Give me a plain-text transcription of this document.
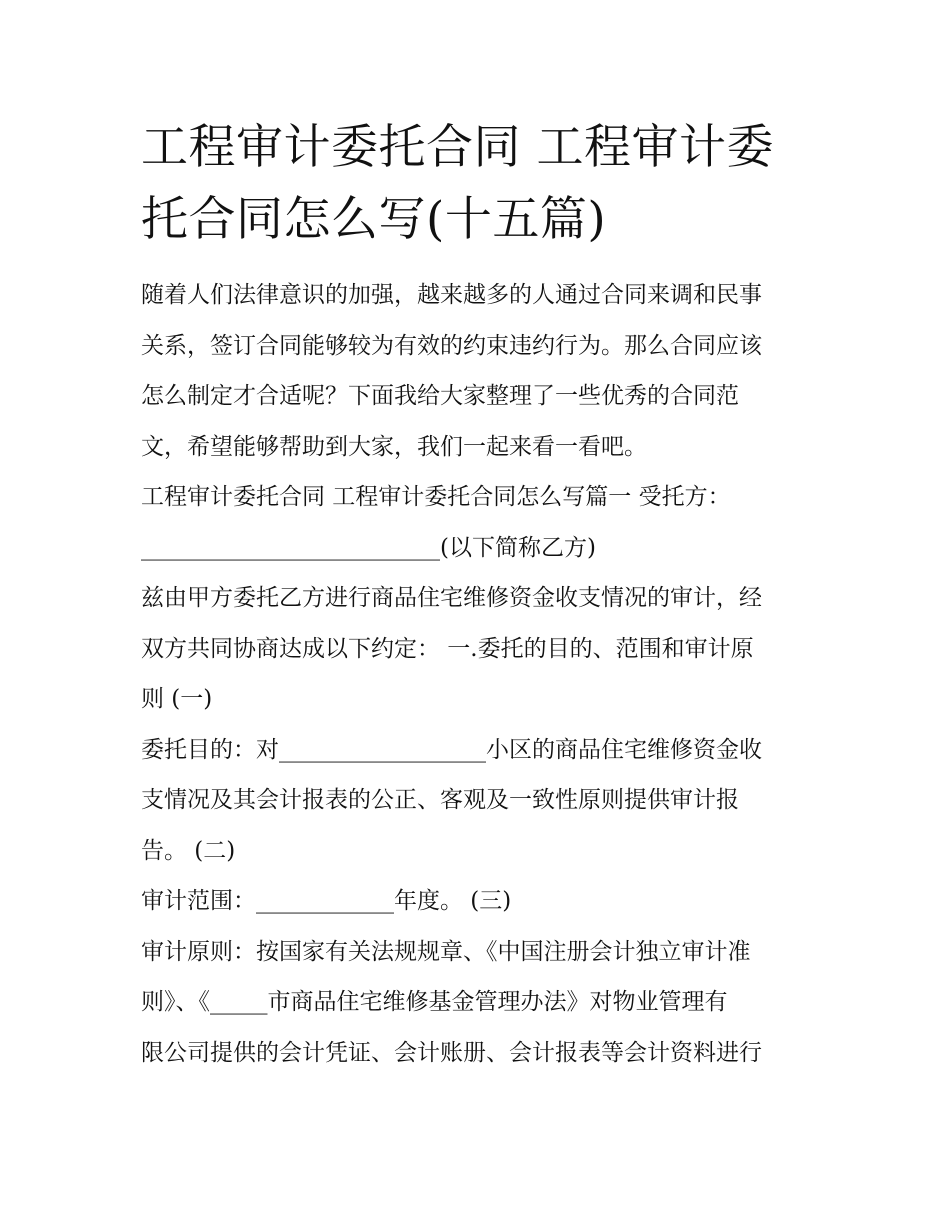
工程审计委托合同 工程审计委
托合同怎么写(十五篇)
随着人们法律意识的加强，越来越多的人通过合同来调和民事
关系，签订合同能够较为有效的约束违约行为。那么合同应该
怎么制定才合适呢？下面我给大家整理了一些优秀的合同范
文，希望能够帮助到大家，我们一起来看一看吧。
工程审计委托合同 工程审计委托合同怎么写篇一 受托方：
__________________________(以下简称乙方)
兹由甲方委托乙方进行商品住宅维修资金收支情况的审计，经
双方共同协商达成以下约定： 一.委托的目的、范围和审计原
则 (一)
委托目的：对__________________小区的商品住宅维修资金收
支情况及其会计报表的公正、客观及一致性原则提供审计报
告。 (二)
审计范围：____________年度。 (三)
审计原则：按国家有关法规规章、《中国注册会计独立审计准
则》、《_____市商品住宅维修基金管理办法》对物业管理有
限公司提供的会计凭证、会计账册、会计报表等会计资料进行
